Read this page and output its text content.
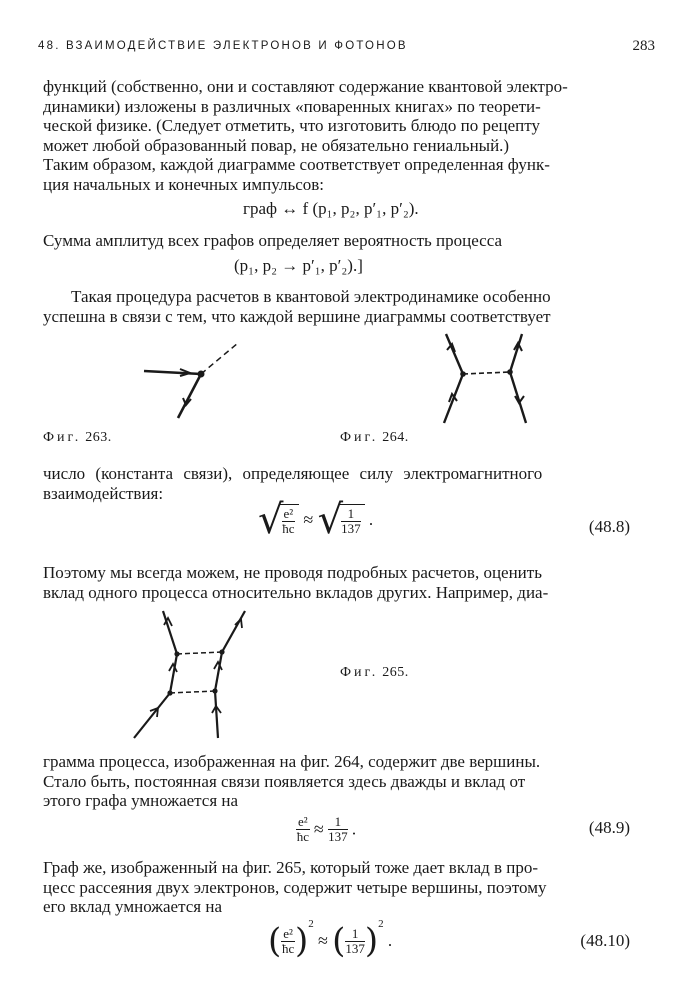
48. ВЗАИМОДЕЙСТВИЕ ЭЛЕКТРОНОВ И ФОТОНОВ	283
функций (собственно, они и составляют содержание квантовой электро-
динамики) изложены в различных «поваренных книгах» по теорети-
ческой физике. (Следует отметить, что изготовить блюдо по рецепту
может любой образованный повар, не обязательно гениальный.)
Таким образом, каждой диаграмме соответствует определенная функ-
ция начальных и конечных импульсов:
граф ↔ f (p₁, p₂, p′₁, p′₂).
Сумма амплитуд всех графов определяет вероятность процесса
(p₁, p₂ → p′₁, p′₂).]
Такая процедура расчетов в квантовой электродинамике особенно
успешна в связи с тем, что каждой вершине диаграммы соответствует
Фиг. 263.	Фиг. 264.
число (константа связи), определяющее силу электромагнитного
взаимодействия:
√
$\frac{\text{e²}}{ħc}$ ≈ √
$\frac{1}{137}$ .	(48.8)
Поэтому мы всегда можем, не проводя подробных расчетов, оценить
вклад одного процесса относительно вкладов других. Например, диа-
Фиг. 265.
грамма процесса, изображенная на фиг. 264, содержит две вершины.
Стало быть, постоянная связи появляется здесь дважды и вклад от
этого графа умножается на
$\frac{\text{e²}}{ħc} \approx \frac{1}{137}$ .	(48.9)
Граф же, изображенный на фиг. 265, который тоже дает вклад в про-
цесс рассеяния двух электронов, содержит четыре вершины, поэтому
его вклад умножается на
( $\frac{\text{e²}}{ħc} )^2$ ≈ ( $\frac{1}{137} )^2$ .	(48.10)
